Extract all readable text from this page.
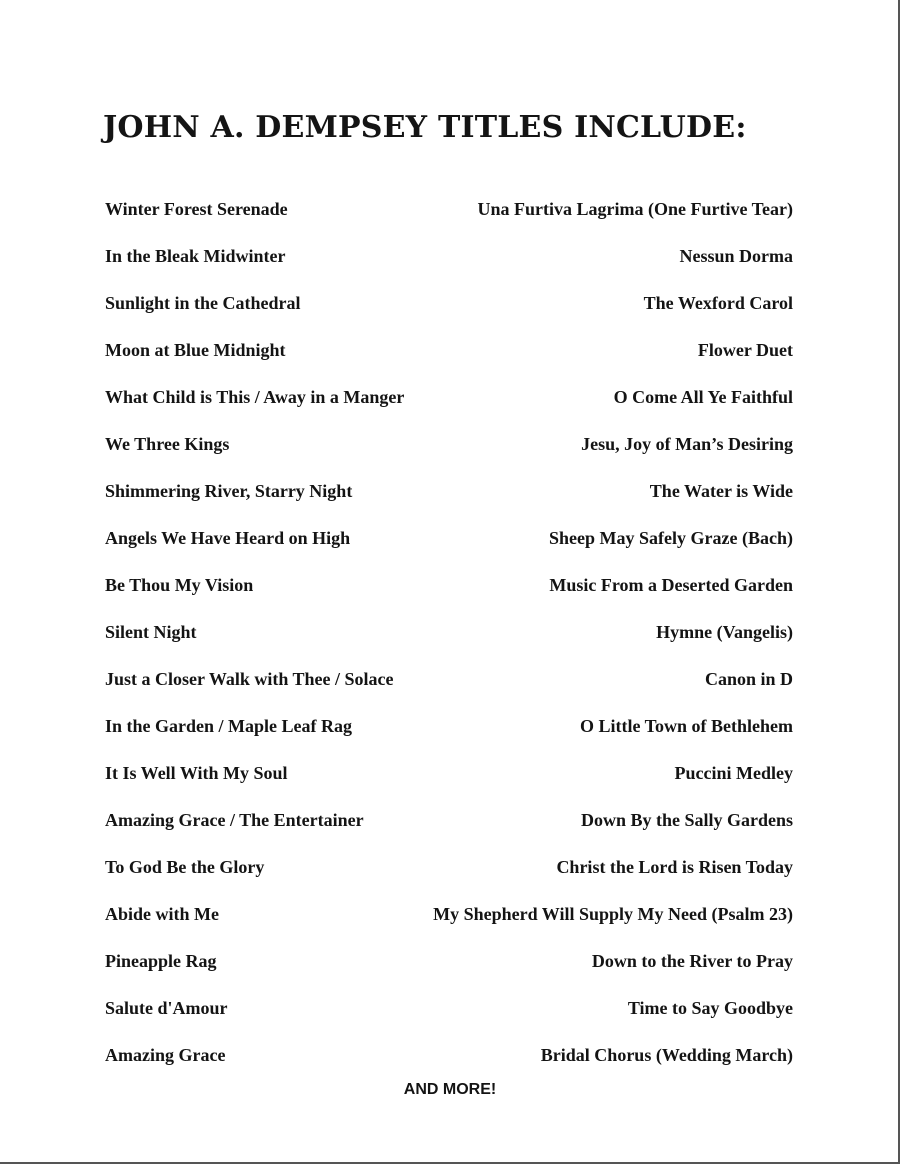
JOHN A. DEMPSEY TITLES INCLUDE:
Winter Forest Serenade	Una Furtiva Lagrima (One Furtive Tear)
In the Bleak Midwinter	Nessun Dorma
Sunlight in the Cathedral	The Wexford Carol
Moon at Blue Midnight	Flower Duet
What Child is This / Away in a Manger	O Come All Ye Faithful
We Three Kings	Jesu, Joy of Man’s Desiring
Shimmering River, Starry Night	The Water is Wide
Angels We Have Heard on High	Sheep May Safely Graze (Bach)
Be Thou My Vision	Music From a Deserted Garden
Silent Night	Hymne (Vangelis)
Just a Closer Walk with Thee / Solace	Canon in D
In the Garden / Maple Leaf Rag	O Little Town of Bethlehem
It Is Well With My Soul	Puccini Medley
Amazing Grace / The Entertainer	Down By the Sally Gardens
To God Be the Glory	Christ the Lord is Risen Today
Abide with Me	My Shepherd Will Supply My Need (Psalm 23)
Pineapple Rag	Down to the River to Pray
Salute d'Amour	Time to Say Goodbye
Amazing Grace	Bridal Chorus (Wedding March)
AND MORE!
